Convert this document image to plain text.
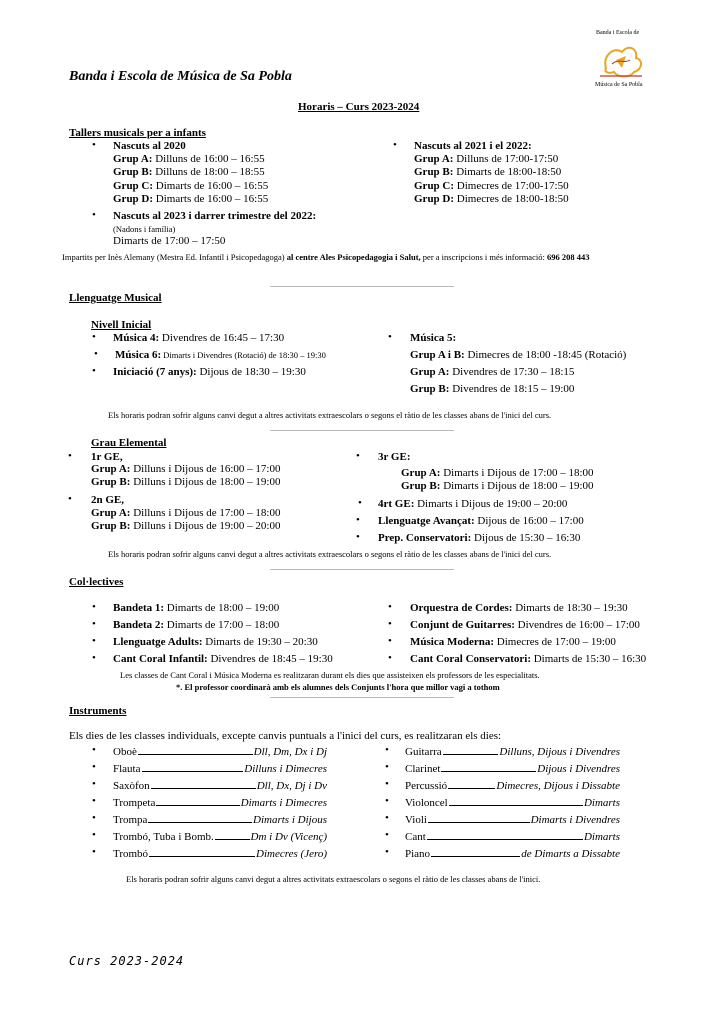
Banda i Escola de Música de Sa Pobla
Banda i Escola de
Música de Sa Pobla
Horaris – Curs 2023-2024
Tallers musicals per a infants
• Nascuts al 2020
Grup A: Dilluns de 16:00 – 16:55
Grup B: Dilluns de 18:00 – 18:55
Grup C: Dimarts de 16:00 – 16:55
Grup D: Dimarts de 16:00 – 16:55
• Nascuts al 2023 i darrer trimestre del 2022:
(Nadons i família)
Dimarts de 17:00 – 17:50
• Nascuts al 2021 i el 2022:
Grup A: Dilluns de 17:00-17:50
Grup B: Dimarts de 18:00-18:50
Grup C: Dimecres de 17:00-17:50
Grup D: Dimecres de 18:00-18:50
Impartits per Inès Alemany (Mestra Ed. Infantil i Psicopedagoga) al centre Ales Psicopedagogia i Salut, per a inscripcions i més informació: 696 208 443
Llenguatge Musical
Nivell Inicial
• Música 4: Divendres de 16:45 – 17:30
• Música 6: Dimarts i Divendres (Rotació) de 18:30 – 19:30
• Iniciació (7 anys): Dijous de 18:30 – 19:30
• Música 5:
Grup A i B: Dimecres de 18:00 -18:45 (Rotació)
Grup A: Divendres de 17:30 – 18:15
Grup B: Divendres de 18:15 – 19:00
Els horaris podran sofrir alguns canvi degut a altres activitats extraescolars o segons el ràtio de les classes abans de l'inici del curs.
Grau Elemental
• 1r GE,
Grup A: Dilluns i Dijous de 16:00 – 17:00
Grup B: Dilluns i Dijous de 18:00 – 19:00
• 2n GE,
Grup A: Dilluns i Dijous de 17:00 – 18:00
Grup B: Dilluns i Dijous de 19:00 – 20:00
• 3r GE:
Grup A: Dimarts i Dijous de 17:00 – 18:00
Grup B: Dimarts i Dijous de 18:00 – 19:00
• 4rt GE: Dimarts i Dijous de 19:00 – 20:00
• Llenguatge Avançat: Dijous de 16:00 – 17:00
• Prep. Conservatori: Dijous de 15:30 – 16:30
Els horaris podran sofrir alguns canvi degut a altres activitats extraescolars o segons el ràtio de les classes abans de l'inici del curs.
Col·lectives
• Bandeta 1: Dimarts de 18:00 – 19:00
• Bandeta 2: Dimarts de 17:00 – 18:00
• Llenguatge Adults: Dimarts de 19:30 – 20:30
• Cant Coral Infantil: Divendres de 18:45 – 19:30
• Orquestra de Cordes: Dimarts de 18:30 – 19:30
• Conjunt de Guitarres: Divendres de 16:00 – 17:00
• Música Moderna: Dimecres de 17:00 – 19:00
• Cant Coral Conservatori: Dimarts de 15:30 – 16:30
Les classes de Cant Coral i Música Moderna es realitzaran durant els dies que assisteixen els professors de les especialitats.
*. El professor coordinarà amb els alumnes dels Conjunts l'hora que millor vagi a tothom
Instruments
Els dies de les classes individuals, excepte canvis puntuals a l'inici del curs, es realitzaran els dies:
• Oboè	Dll, Dm, Dx i Dj
• Flauta	Dilluns i Dimecres
• Saxòfon	Dll, Dx, Dj i Dv
• Trompeta	Dimarts i Dimecres
• Trompa	Dimarts i Dijous
• Trombó, Tuba i Bomb.	Dm i Dv (Vicenç)
• Trombó	Dimecres (Jero)
• Guitarra	Dilluns, Dijous i Divendres
• Clarinet	Dijous i Divendres
• Percussió	Dimecres, Dijous i Dissabte
• Violoncel	Dimarts
• Violi	Dimarts i Divendres
• Cant	Dimarts
• Piano	de Dimarts a Dissabte
Els horaris podran sofrir alguns canvi degut a altres activitats extraescolars o segons el ràtio de les classes abans de l'inici.
Curs 2023-2024
